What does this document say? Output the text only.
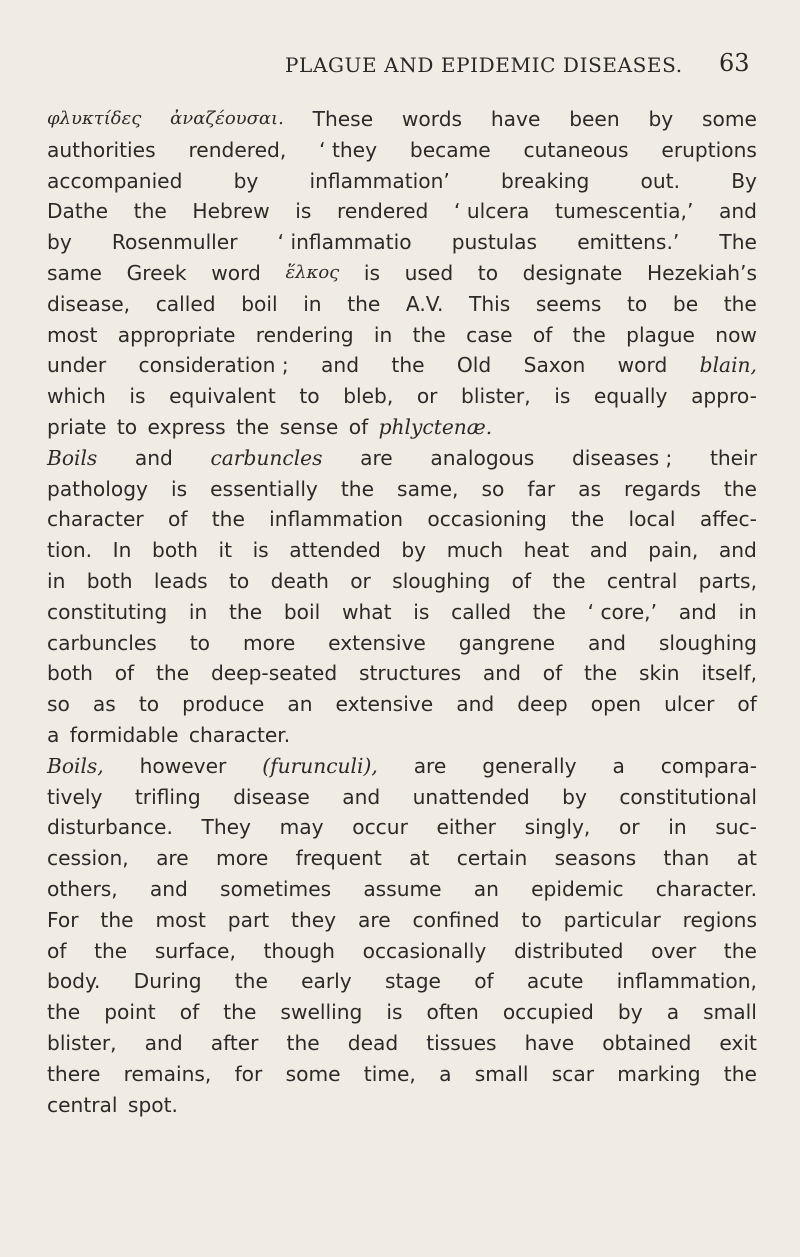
PLAGUE AND EPIDEMIC DISEASES. 63
φλυκτίδες ἀναζέουσαι. These words have been by some
authorities rendered, ‘ they became cutaneous eruptions
accompanied	by	inflammation’	breaking	out.	By
Dathe the Hebrew is rendered ‘ ulcera tumescentia,’ and
by Rosenmuller ‘ inflammatio pustulas emittens.’ The
same Greek word ἕλκος is used to designate Hezekiah’s
disease, called boil in the A.V. This seems to be the
most appropriate rendering in the case of the plague now
under consideration ; and the Old Saxon word blain,
which is equivalent to bleb, or blister, is equally appro-
priate to express the sense of
phlyctenæ.
Boils and carbuncles are analogous diseases ; their
pathology is essentially the same, so far as regards the
character of the inflammation occasioning the local affec-
tion. In both it is attended by much heat and pain, and
in both leads to death or sloughing of the central parts,
constituting in the boil what is called the ‘ core,’ and in
carbuncles to more extensive gangrene and sloughing
both of the deep-seated structures and of the skin itself,
so as to produce an extensive and deep open ulcer of
a formidable character.
Boils, however (furunculi), are generally a compara-
tively trifling disease and unattended by constitutional
disturbance. They may occur either singly, or in suc-
cession, are more frequent at certain seasons than at
others, and sometimes assume an epidemic character.
For the most part they are confined to particular regions
of the surface, though occasionally distributed over the
body. During the early stage of acute inflammation,
the point of the swelling is often occupied by a small
blister, and after the dead tissues have obtained exit
there remains, for some time, a small scar marking the
central spot.
